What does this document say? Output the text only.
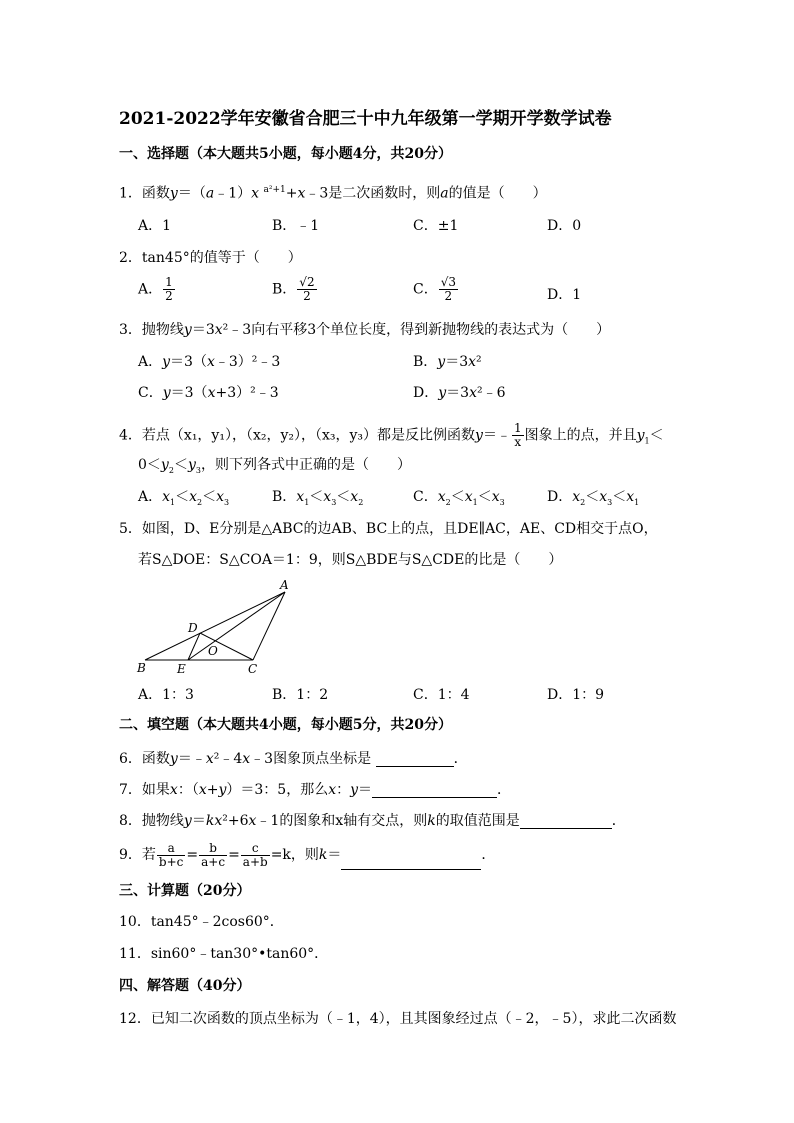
2021-2022学年安徽省合肥三十中九年级第一学期开学数学试卷
一、选择题（本大题共5小题，每小题4分，共20分）
1．函数y＝（a﹣1）x $^{a^2+1}$+x﹣3是二次函数时，则a的值是（　　）
A．1	B．﹣1	C．±1	D．0
2．tan45°的值等于（　　）
A． $\frac{1}{2}$	B． $\frac{√2}{2}$	C． $\frac{√3}{2}$	D．1
3．抛物线y＝3x²﹣3向右平移3个单位长度，得到新抛物线的表达式为（　　）
A．y＝3（x﹣3）²﹣3	B．y＝3x²
C．y＝3（x+3）²﹣3	D．y＝3x²﹣6
4．若点（x₁，y₁），（x₂，y₂），（x₃，y₃）都是反比例函数y＝﹣ $\frac{1}{x}$ 图象上的点，并且$y_1<$
$0<y_2<y_3$，则下列各式中正确的是（　　）
A．$x_1<x_2<x_3$	B．$x_1<x_3<x_2$	C．$x_2<x_1<x_3$	D．$x_2<x_3<x_1$
5．如图，D、E分别是△ABC的边AB、BC上的点，且DE∥AC，AE、CD相交于点O，
若S△DOE：S△COA＝1：9，则S△BDE与S△CDE的比是（　　）
A
B	C
D
E
O
A．1：3	B．1：2	C．1：4	D．1：9
二、填空题（本大题共4小题，每小题5分，共20分）
6．函数y＝﹣x²﹣4x﹣3图象顶点坐标是	．
7．如果x：（x+y）＝3：5，那么x：y＝	．
8．抛物线y＝kx²+6x﹣1的图象和x轴有交点，则k的取值范围是	．
9．若 $\frac{a}{b+c} = \frac{b}{a+c} = \frac{c}{a+b} =k$，则k＝	．
三、计算题（20分）
10．tan45°﹣2cos60°．
11．sin60°﹣tan30°•tan60°．
四、解答题（40分）
12．已知二次函数的顶点坐标为（﹣1，4），且其图象经过点（﹣2，﹣5），求此二次函数
